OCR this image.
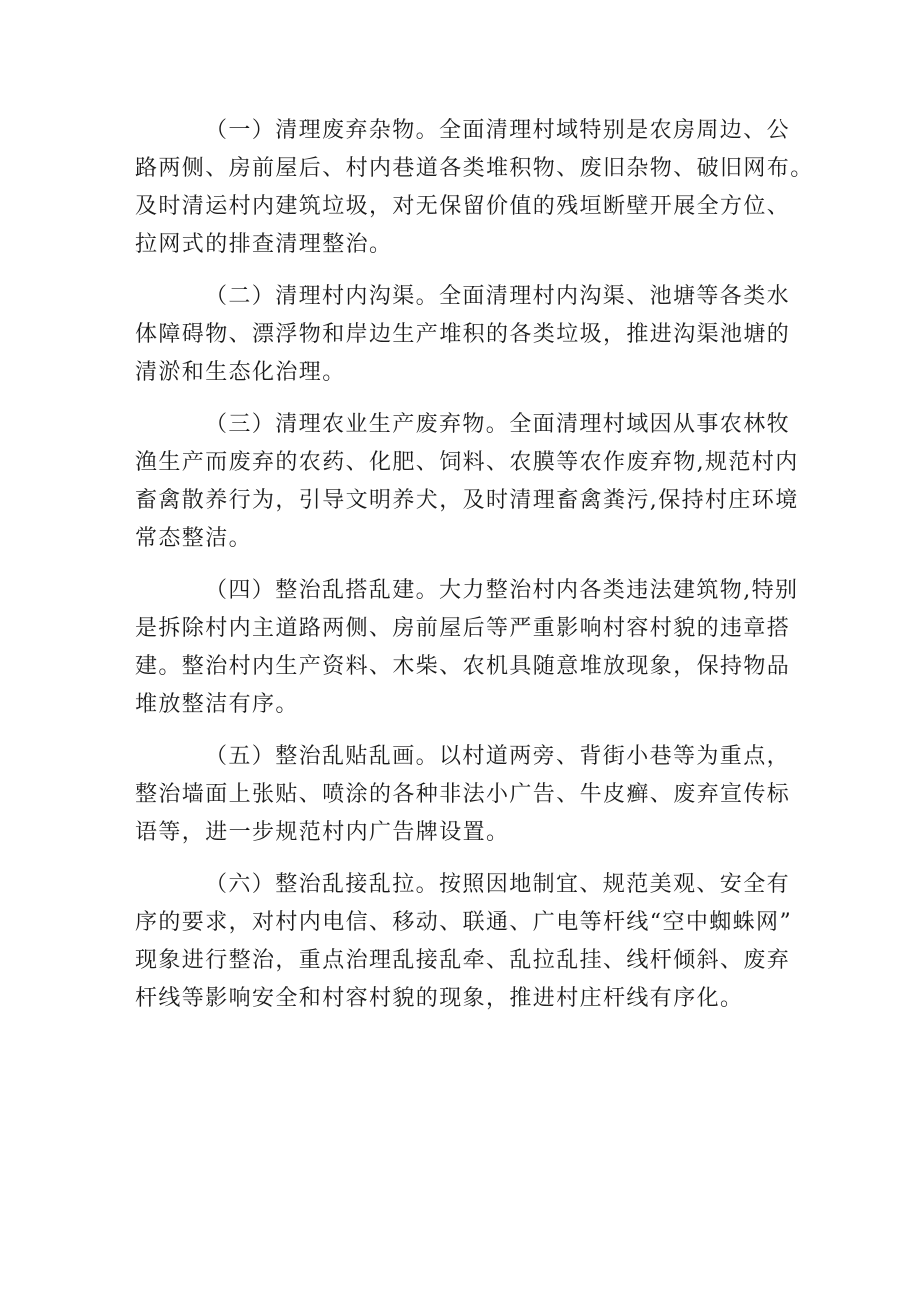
（一）清理废弃杂物。全面清理村域特别是农房周边、公
路两侧、房前屋后、村内巷道各类堆积物、废旧杂物、破旧网布。
及时清运村内建筑垃圾，对无保留价值的残垣断壁开展全方位、
拉网式的排查清理整治。

（二）清理村内沟渠。全面清理村内沟渠、池塘等各类水
体障碍物、漂浮物和岸边生产堆积的各类垃圾，推进沟渠池塘的
清淤和生态化治理。

（三）清理农业生产废弃物。全面清理村域因从事农林牧
渔生产而废弃的农药、化肥、饲料、农膜等农作废弃物,规范村内
畜禽散养行为，引导文明养犬，及时清理畜禽粪污,保持村庄环境
常态整洁。

（四）整治乱搭乱建。大力整治村内各类违法建筑物,特别
是拆除村内主道路两侧、房前屋后等严重影响村容村貌的违章搭
建。整治村内生产资料、木柴、农机具随意堆放现象，保持物品
堆放整洁有序。

（五）整治乱贴乱画。以村道两旁、背街小巷等为重点，
整治墙面上张贴、喷涂的各种非法小广告、牛皮癣、废弃宣传标
语等，进一步规范村内广告牌设置。

（六）整治乱接乱拉。按照因地制宜、规范美观、安全有
序的要求，对村内电信、移动、联通、广电等杆线“空中蜘蛛网”
现象进行整治，重点治理乱接乱牵、乱拉乱挂、线杆倾斜、废弃
杆线等影响安全和村容村貌的现象，推进村庄杆线有序化。
